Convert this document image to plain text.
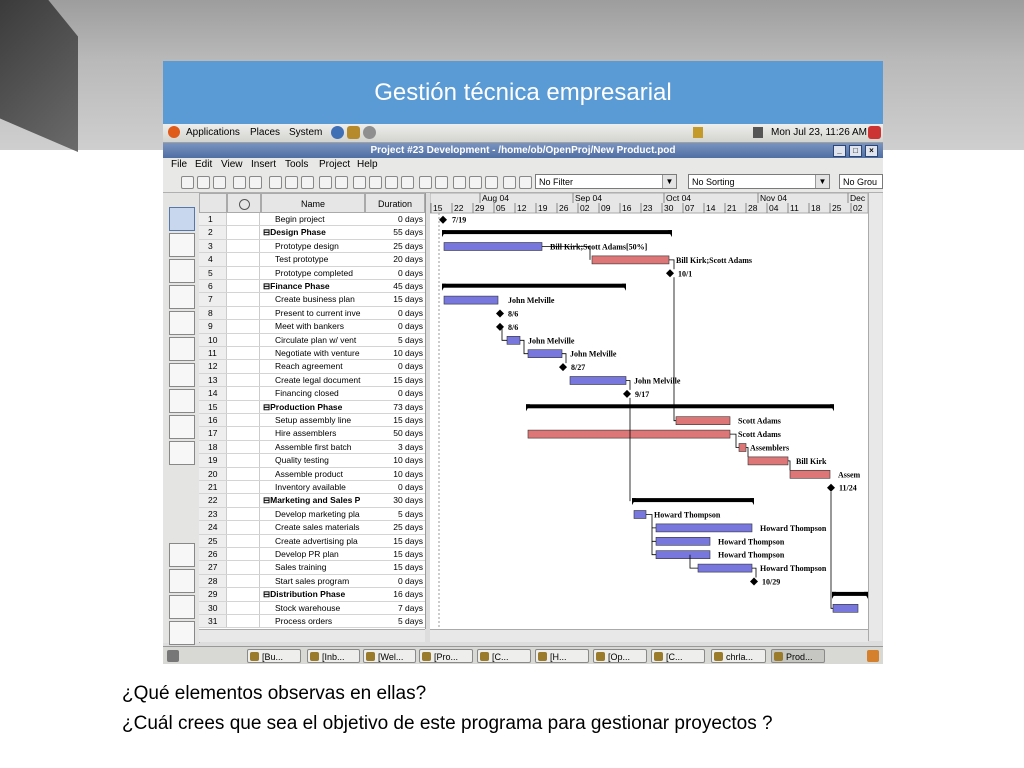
Gestión técnica empresarial
Applications Places System	Mon Jul 23, 11:26 AM
Project #23 Development - /home/ob/OpenProj/New Product.pod	_	□	×
File Edit View Insert Tools Project Help
No Filter	▼	No Sorting	▼	No Grou
Name	Duration
1	Begin project	0 days
2	⊟Design Phase	55 days
3	Prototype design	25 days
4	Test prototype	20 days
5	Prototype completed	0 days
6	⊟Finance Phase	45 days
7	Create business plan	15 days
8	Present to current inve	0 days
9	Meet with bankers	0 days
10	Circulate plan w/ vent	5 days
11	Negotiate with venture	10 days
12	Reach agreement	0 days
13	Create legal document	15 days
14	Financing closed	0 days
15	⊟Production Phase	73 days
16	Setup assembly line	15 days
17	Hire assemblers	50 days
18	Assemble first batch	3 days
19	Quality testing	10 days
20	Assemble product	10 days
21	Inventory available	0 days
22	⊟Marketing and Sales P	30 days
23	Develop marketing pla	5 days
24	Create sales materials	25 days
25	Create advertising pla	15 days
26	Develop PR plan	15 days
27	Sales training	15 days
28	Start sales program	0 days
29	⊟Distribution Phase	16 days
30	Stock warehouse	7 days
31	Process orders	5 days
Aug 04	Sep 04	Oct 04	Nov 04	Dec
15 22 29 05 12 19 26 02 09 16 23 30 07 14 21 28 04 11 18 25 02
7/19
Bill Kirk;Scott Adams[50%]
Bill Kirk;Scott Adams
10/1
John Melville
8/6
8/6
John Melville
John Melville
8/27
John Melville
9/17
Scott Adams
Scott Adams
Assemblers
Bill Kirk
Assem
11/24
Howard Thompson
Howard Thompson
Howard Thompson
Howard Thompson
Howard Thompson
10/29
[Bu...	[Inb...	[Wel...	[Pro...	[C...	[H...	[Op...	[C...	chrla...	Prod...
¿Qué elementos observas en ellas?
¿Cuál crees que sea el objetivo de este programa para gestionar proyectos ?
